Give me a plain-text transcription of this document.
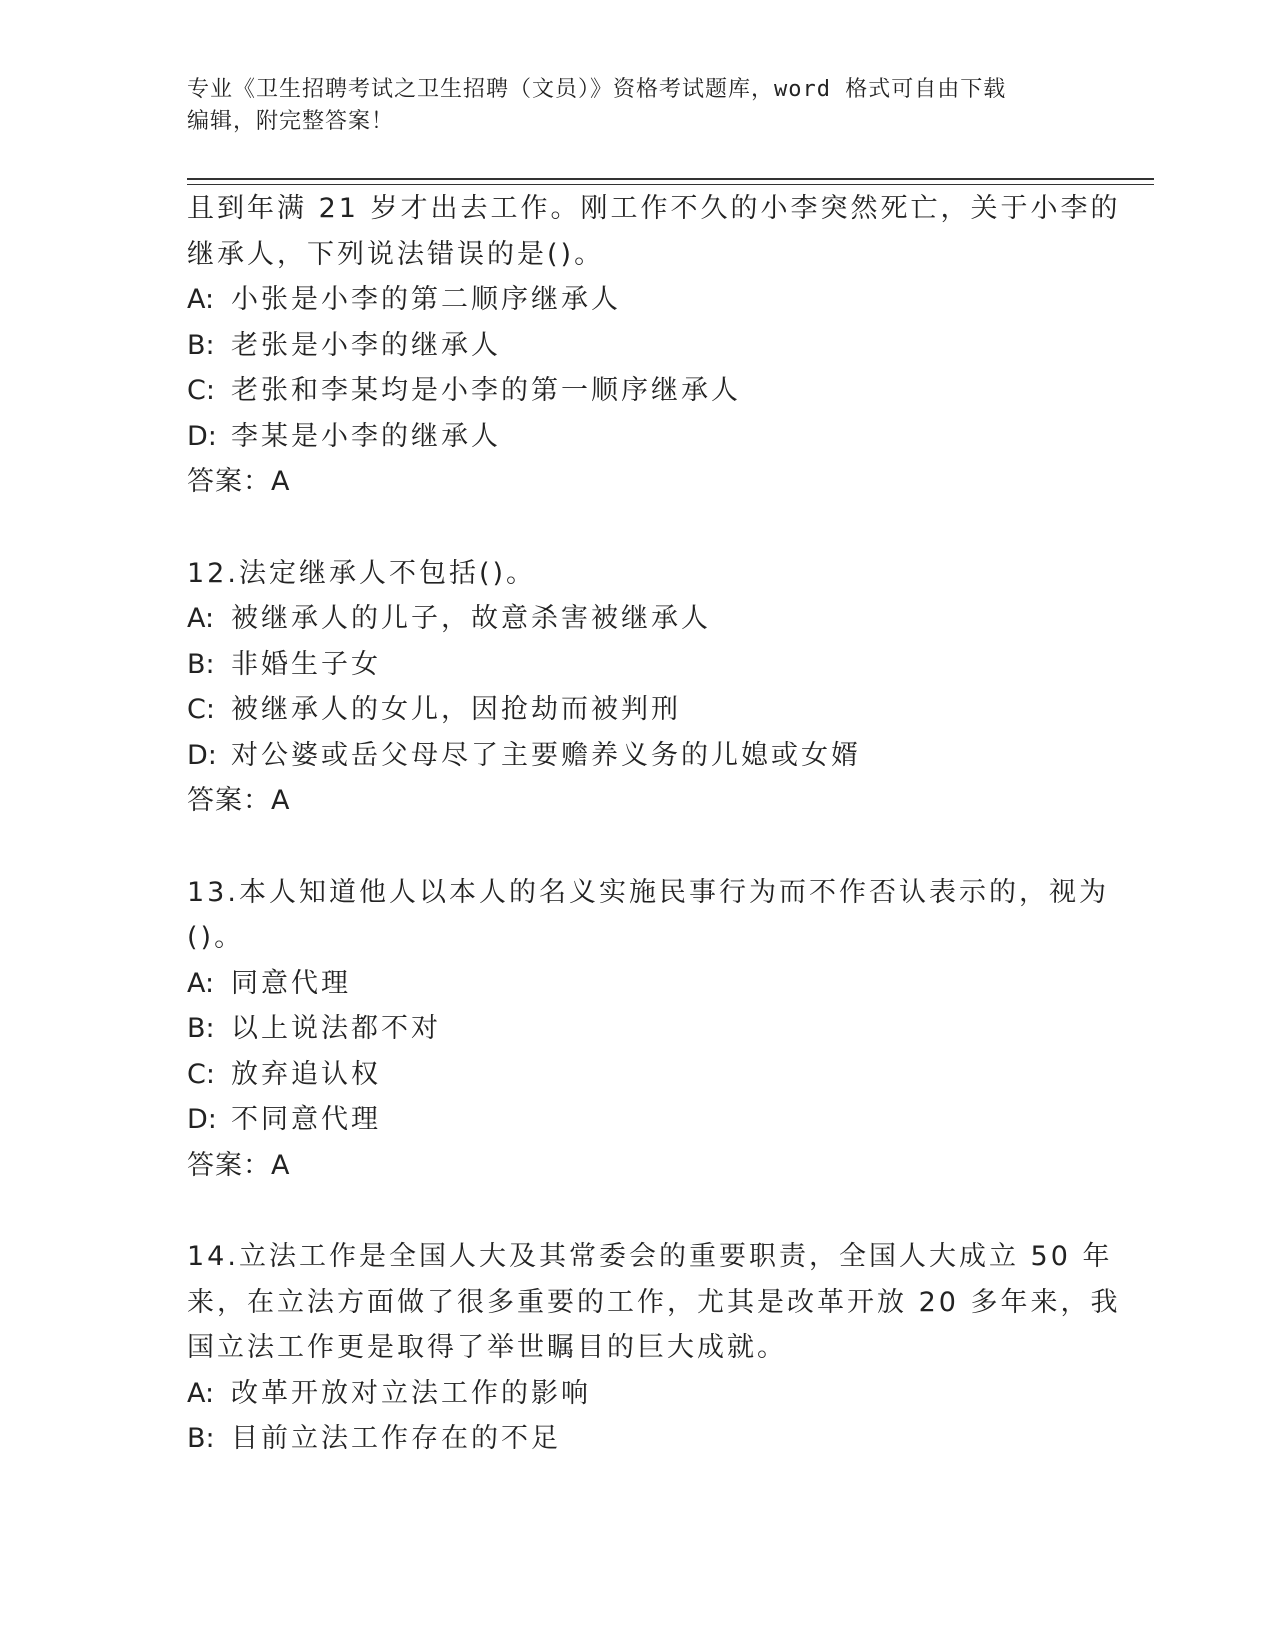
专业《卫生招聘考试之卫生招聘（文员）》资格考试题库，word 格式可自由下载
编辑，附完整答案！
且到年满 21 岁才出去工作。刚工作不久的小李突然死亡，关于小李的
继承人，下列说法错误的是()。
A: 小张是小李的第二顺序继承人
B: 老张是小李的继承人
C: 老张和李某均是小李的第一顺序继承人
D: 李某是小李的继承人
答案：A
12.法定继承人不包括()。
A: 被继承人的儿子，故意杀害被继承人
B: 非婚生子女
C: 被继承人的女儿，因抢劫而被判刑
D: 对公婆或岳父母尽了主要赡养义务的儿媳或女婿
答案：A
13.本人知道他人以本人的名义实施民事行为而不作否认表示的，视为
()。
A: 同意代理
B: 以上说法都不对
C: 放弃追认权
D: 不同意代理
答案：A
14.立法工作是全国人大及其常委会的重要职责，全国人大成立 50 年
来，在立法方面做了很多重要的工作，尤其是改革开放 20 多年来，我
国立法工作更是取得了举世瞩目的巨大成就。
A: 改革开放对立法工作的影响
B: 目前立法工作存在的不足
